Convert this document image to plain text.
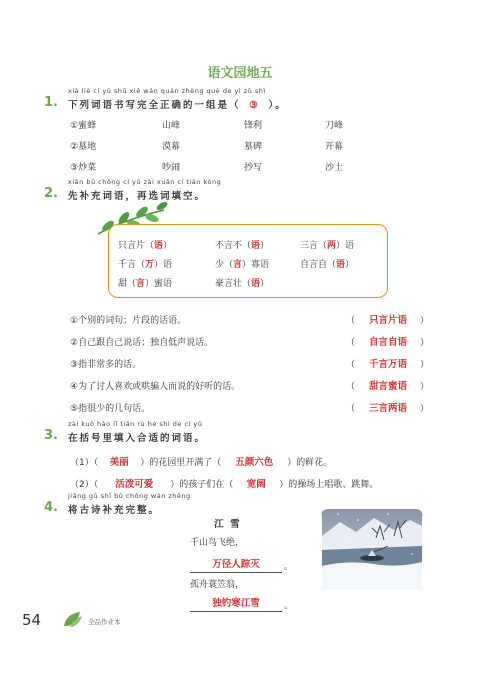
语文园地五
xià liè cí yǔ shū xiě wán quán zhèng què de yì zǔ shì
1. 下列词语书写完全正确的一组是（ ③ ）。
①蜜蜂	山峰	锋利	刀峰
②墓地	漠幕	墓碑	开幕
③炒菜	吵闹	抄写	沙土
xiān bǔ chōng cí yǔ zài xuǎn cí tián kòng
2. 先补充词语，再选词填空。
只言片（语）	不言不（语）	三言（两）语
千言（万）语	少（言）寡语	自言自（语）
甜（言）蜜语	豪言壮（语）
①个别的词句；片段的话语。	（	只言片语	）
②自己跟自己说话；独自低声说话。	（	自言自语	）
③指非常多的话。	（	千言万语	）
④为了讨人喜欢或哄骗人而说的好听的话。	（	甜言蜜语	）
⑤指很少的几句话。	（	三言两语	）
zài kuò hào lǐ tián rù hé shì de cí yǔ
3. 在括号里填入合适的词语。
（1）（ 美丽 ）的花园里开满了（ 五颜六色 ）的鲜花。
（2）（ 活泼可爱 ）的孩子们在（ 宽阔 ）的操场上唱歌、跳舞。
jiāng gǔ shī bǔ chōng wán zhěng
4. 将古诗补充完整。
江  雪
千山鸟飞绝，
万径人踪灭	。
孤舟蓑笠翁，
独钓寒江雪	。
54	全品作业本
